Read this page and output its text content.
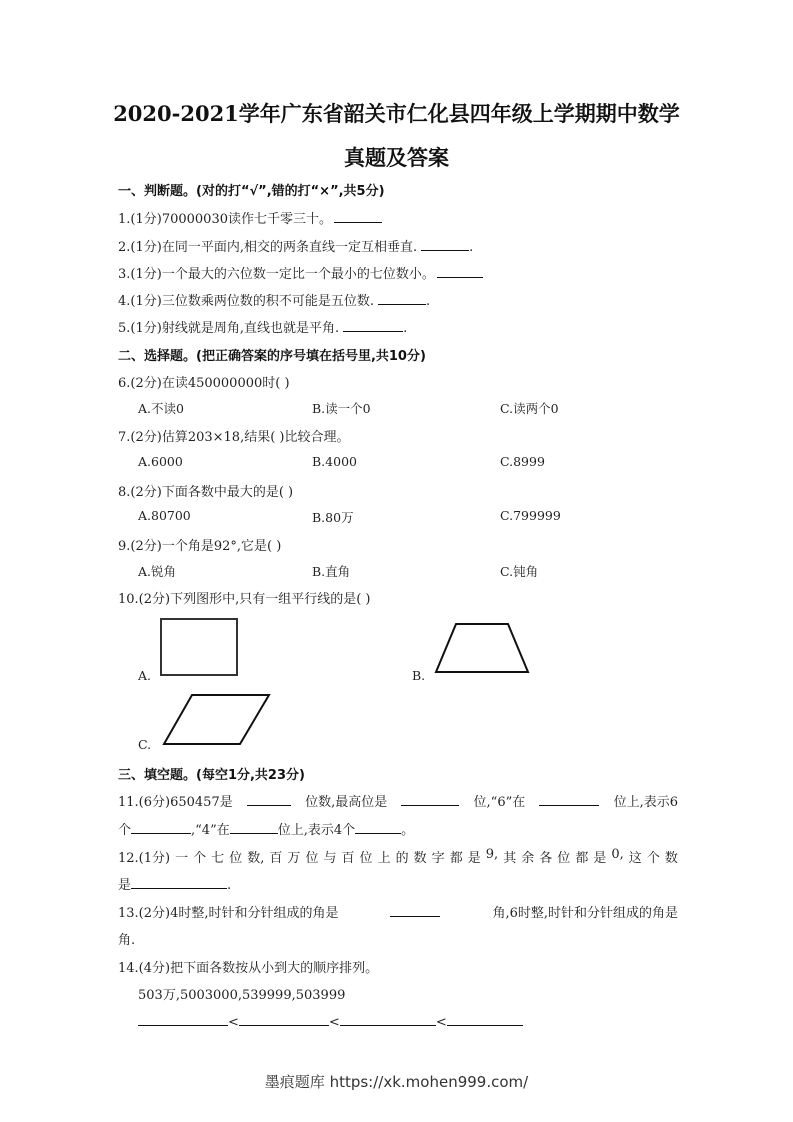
2020-2021学年广东省韶关市仁化县四年级上学期期中数学
真题及答案
一、判断题。(对的打“√”,错的打“×”,共5分)
1.(1分)70000030读作七千零三十。
2.(1分)在同一平面内,相交的两条直线一定互相垂直.	.
3.(1分)一个最大的六位数一定比一个最小的七位数小。
4.(1分)三位数乘两位数的积不可能是五位数.	.
5.(1分)射线就是周角,直线也就是平角.	.
二、选择题。(把正确答案的序号填在括号里,共10分)
6.(2分)在读450000000时( )
A.不读0	B.读一个0	C.读两个0
7.(2分)估算203×18,结果( )比较合理。
A.6000	B.4000	C.8999
8.(2分)下面各数中最大的是( )
A.80700	B.80万	C.799999
9.(2分)一个角是92°,它是( )
A.锐角	B.直角	C.钝角
10.(2分)下列图形中,只有一组平行线的是( )
A.	B.
C.
三、填空题。(每空1分,共23分)
11.(6分)650457是	位数,最高位是	位,“6”在	位上,表示6
个	,“4”在	位上,表示4个	。
12.(1分) 一 个 七 位 数, 百 万 位 与 百 位 上 的 数 字 都 是 9, 其 余 各 位 都 是 0, 这 个 数
是	.
13.(2分)4时整,时针和分针组成的角是	角,6时整,时针和分针组成的角是
角.
14.(4分)把下面各数按从小到大的顺序排列。
503万,5003000,539999,503999
<	<	<
墨痕题库 https://xk.mohen999.com/
